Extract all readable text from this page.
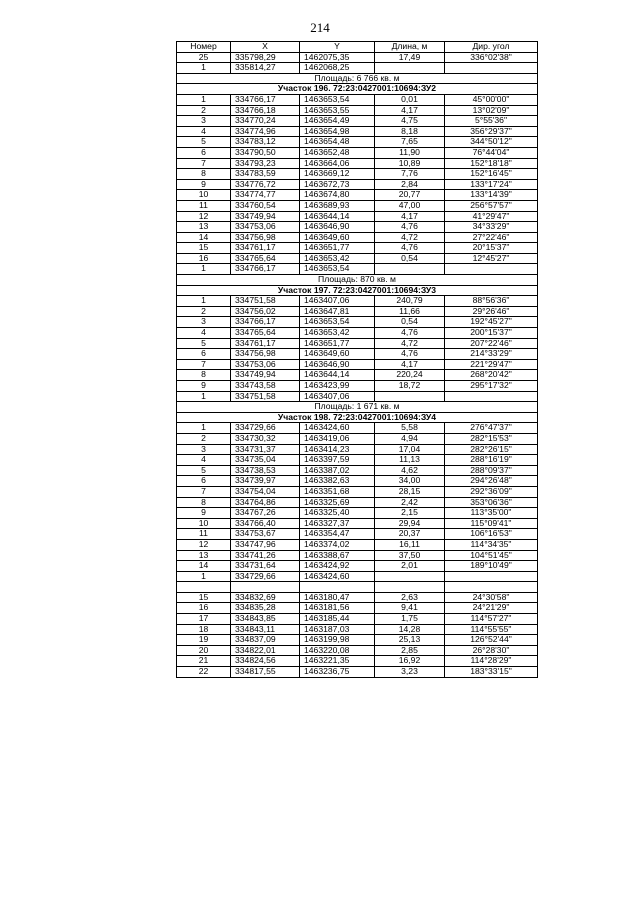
214
Номер	X	Y	Длина, м	Дир. угол
25	335798,29	1462075,35	17,49	336°02'38"
1	335814,27	1462068,25		
Площадь: 6 766 кв. м				
Участок 196. 72:23:0427001:10694:ЗУ2				
1	334766,17	1463653,54	0,01	45°00'00"
2	334766,18	1463653,55	4,17	13°02'09"
3	334770,24	1463654,49	4,75	5°55'36"
4	334774,96	1463654,98	8,18	356°29'37"
5	334783,12	1463654,48	7,65	344°50'12"
6	334790,50	1463652,48	11,90	76°44'04"
7	334793,23	1463664,06	10,89	152°18'18"
8	334783,59	1463669,12	7,76	152°16'45"
9	334776,72	1463672,73	2,84	133°17'24"
10	334774,77	1463674,80	20,77	133°14'39"
11	334760,54	1463689,93	47,00	256°57'57"
12	334749,94	1463644,14	4,17	41°29'47"
13	334753,06	1463646,90	4,76	34°33'29"
14	334756,98	1463649,60	4,72	27°22'46"
15	334761,17	1463651,77	4,76	20°15'37"
16	334765,64	1463653,42	0,54	12°45'27"
1	334766,17	1463653,54		
Площадь: 870 кв. м				
Участок 197. 72:23:0427001:10694:ЗУ3				
1	334751,58	1463407,06	240,79	88°56'36"
2	334756,02	1463647,81	11,66	29°26'46"
3	334766,17	1463653,54	0,54	192°45'27"
4	334765,64	1463653,42	4,76	200°15'37"
5	334761,17	1463651,77	4,72	207°22'46"
6	334756,98	1463649,60	4,76	214°33'29"
7	334753,06	1463646,90	4,17	221°29'47"
8	334749,94	1463644,14	220,24	268°20'42"
9	334743,58	1463423,99	18,72	295°17'32"
1	334751,58	1463407,06		
Площадь: 1 671 кв. м				
Участок 198. 72:23:0427001:10694:ЗУ4				
1	334729,66	1463424,60	5,58	276°47'37"
2	334730,32	1463419,06	4,94	282°15'53"
3	334731,37	1463414,23	17,04	282°26'15"
4	334735,04	1463397,59	11,13	288°16'19"
5	334738,53	1463387,02	4,62	288°09'37"
6	334739,97	1463382,63	34,00	294°26'48"
7	334754,04	1463351,68	28,15	292°36'09"
8	334764,86	1463325,69	2,42	353°06'36"
9	334767,26	1463325,40	2,15	113°35'00"
10	334766,40	1463327,37	29,94	115°09'41"
11	334753,67	1463354,47	20,37	106°16'53"
12	334747,96	1463374,02	16,11	114°34'35"
13	334741,26	1463388,67	37,50	104°51'45"
14	334731,64	1463424,92	2,01	189°10'49"
1	334729,66	1463424,60		

15	334832,69	1463180,47	2,63	24°30'58"
16	334835,28	1463181,56	9,41	24°21'29"
17	334843,85	1463185,44	1,75	114°57'27"
18	334843,11	1463187,03	14,28	114°55'55"
19	334837,09	1463199,98	25,13	126°52'44"
20	334822,01	1463220,08	2,85	26°28'30"
21	334824,56	1463221,35	16,92	114°28'29"
22	334817,55	1463236,75	3,23	183°33'15"
